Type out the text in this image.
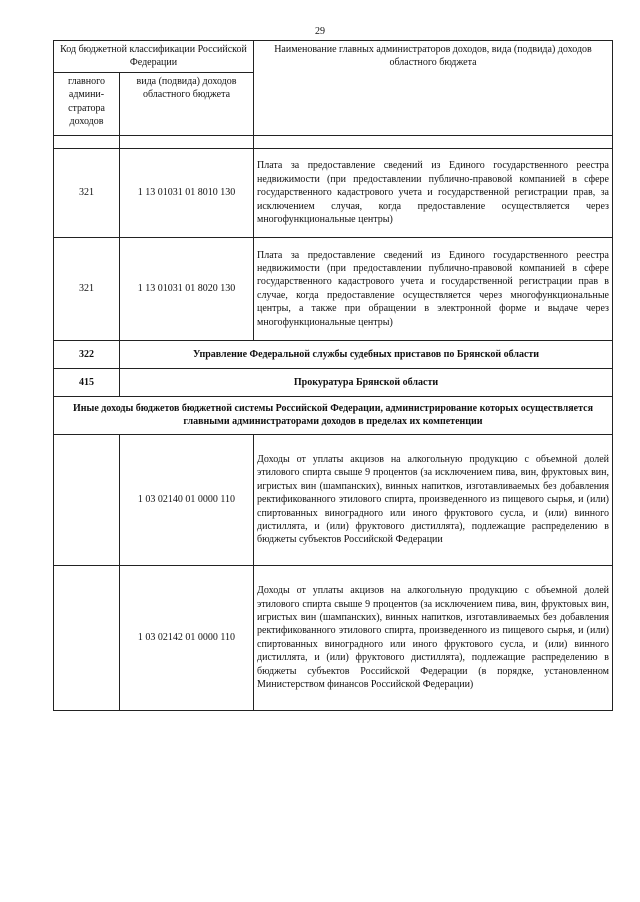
29
Код бюджетной классификации Российской Федерации		Наименование главных администраторов доходов, вида (подвида) доходов областного бюджета
главного админи-стратора доходов	вида (подвида) доходов областного бюджета	

321	1 13 01031 01 8010 130	Плата за предоставление сведений из Единого государственного реестра недвижимости (при предоставлении публично-правовой компанией в сфере государственного кадастрового учета и государственной регистрации прав, за исключением случая, когда предоставление осуществляется через многофункциональные центры)
321	1 13 01031 01 8020 130	Плата за предоставление сведений из Единого государственного реестра недвижимости (при предоставлении публично-правовой компанией в сфере государственного кадастрового учета и государственной регистрации прав в случае, когда предоставление осуществляется через многофункциональные центры, а также при обращении в электронной форме и выдаче через многофункциональные центры)
322	Управление Федеральной службы судебных приставов по Брянской области	
415	Прокуратура Брянской области	
Иные доходы бюджетов бюджетной системы Российской Федерации, администрирование которых осуществляется главными администраторами доходов в пределах их компетенции		
	1 03 02140 01 0000 110	Доходы от уплаты акцизов на алкогольную продукцию с объемной долей этилового спирта свыше 9 процентов (за исключением пива, вин, фруктовых вин, игристых вин (шампанских), винных напитков, изготавливаемых без добавления ректификованного этилового спирта, произведенного из пищевого сырья, и (или) спиртованных виноградного или иного фруктового сусла, и (или) винного дистиллята, и (или) фруктового дистиллята), подлежащие распределению в бюджеты субъектов Российской Федерации
	1 03 02142 01 0000 110	Доходы от уплаты акцизов на алкогольную продукцию с объемной долей этилового спирта свыше 9 процентов (за исключением пива, вин, фруктовых вин, игристых вин (шампанских), винных напитков, изготавливаемых без добавления ректификованного этилового спирта, произведенного из пищевого сырья, и (или) спиртованных виноградного или иного фруктового сусла, и (или) винного дистиллята, и (или) фруктового дистиллята), подлежащие распределению в бюджеты субъектов Российской Федерации (в порядке, установленном Министерством финансов Российской Федерации)
